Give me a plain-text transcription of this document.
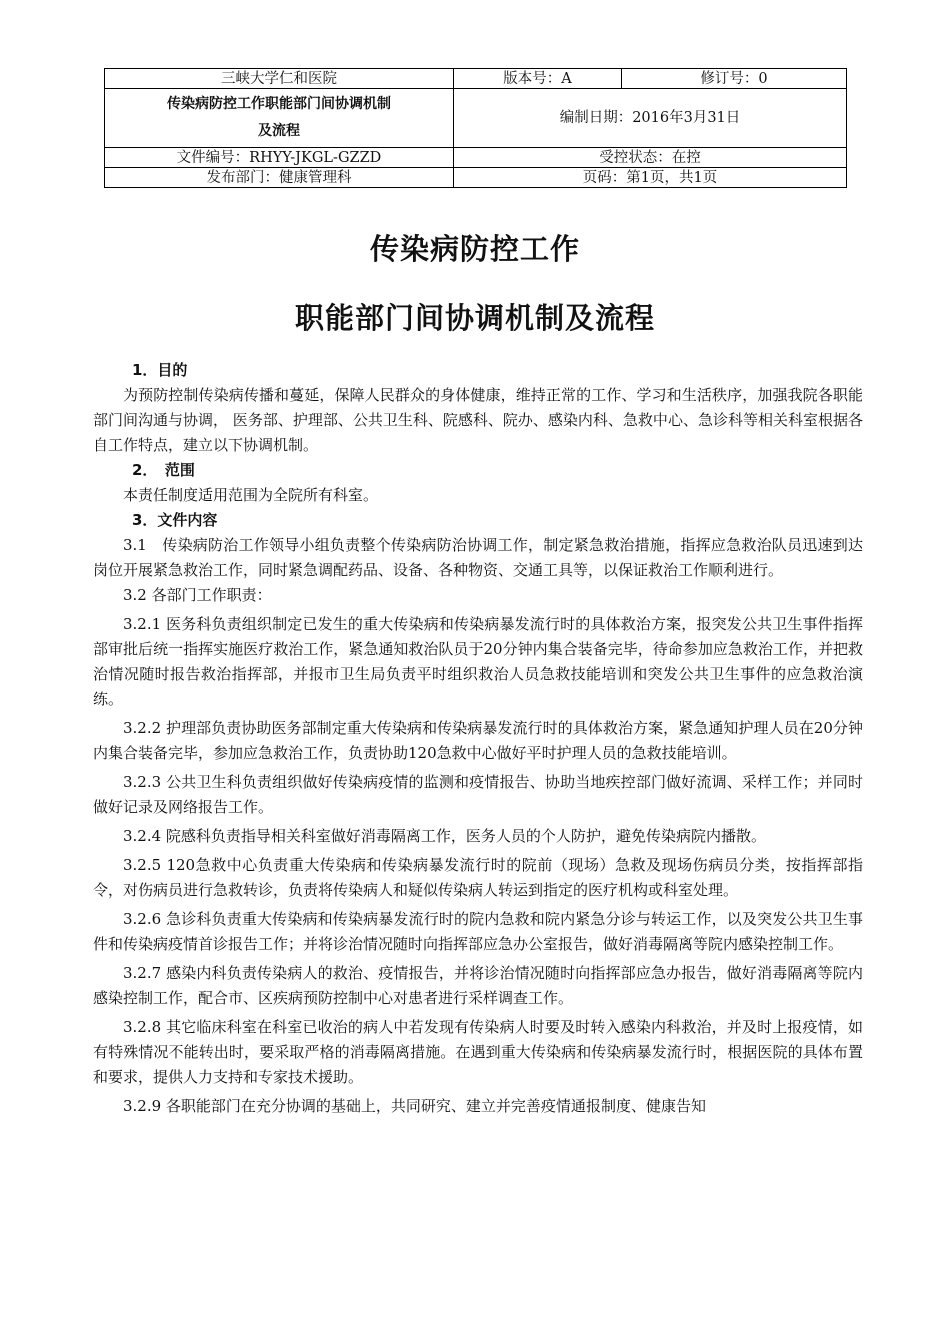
三峡大学仁和医院	版本号：A	修订号：0
传染病防控工作职能部门间协调机制
及流程	编制日期：2016年3月31日	
文件编号：RHYY-JKGL-GZZD	受控状态：在控	
发布部门：健康管理科	页码：第1页，共1页	
传染病防控工作
职能部门间协调机制及流程
1．目的

为预防控制传染病传播和蔓延，保障人民群众的身体健康，维持正常的工作、学习和生活秩序，加强我院各职能部门间沟通与协调， 医务部、护理部、公共卫生科、院感科、院办、感染内科、急救中心、急诊科等相关科室根据各自工作特点，建立以下协调机制。

2．　范围

本责任制度适用范围为全院所有科室。

3．文件内容

3.1　传染病防治工作领导小组负责整个传染病防治协调工作，制定紧急救治措施，指挥应急救治队员迅速到达岗位开展紧急救治工作，同时紧急调配药品、设备、各种物资、交通工具等，以保证救治工作顺利进行。

3.2 各部门工作职责：

3.2.1 医务科负责组织制定已发生的重大传染病和传染病暴发流行时的具体救治方案，报突发公共卫生事件指挥部审批后统一指挥实施医疗救治工作，紧急通知救治队员于20分钟内集合装备完毕，待命参加应急救治工作，并把救治情况随时报告救治指挥部，并报市卫生局负责平时组织救治人员急救技能培训和突发公共卫生事件的应急救治演练。

3.2.2 护理部负责协助医务部制定重大传染病和传染病暴发流行时的具体救治方案，紧急通知护理人员在20分钟内集合装备完毕，参加应急救治工作，负责协助120急救中心做好平时护理人员的急救技能培训。

3.2.3 公共卫生科负责组织做好传染病疫情的监测和疫情报告、协助当地疾控部门做好流调、采样工作；并同时做好记录及网络报告工作。

3.2.4 院感科负责指导相关科室做好消毒隔离工作，医务人员的个人防护，避免传染病院内播散。

3.2.5 120急救中心负责重大传染病和传染病暴发流行时的院前（现场）急救及现场伤病员分类，按指挥部指令，对伤病员进行急救转诊，负责将传染病人和疑似传染病人转运到指定的医疗机构或科室处理。

3.2.6 急诊科负责重大传染病和传染病暴发流行时的院内急救和院内紧急分诊与转运工作，以及突发公共卫生事件和传染病疫情首诊报告工作；并将诊治情况随时向指挥部应急办公室报告，做好消毒隔离等院内感染控制工作。

3.2.7 感染内科负责传染病人的救治、疫情报告，并将诊治情况随时向指挥部应急办报告，做好消毒隔离等院内感染控制工作，配合市、区疾病预防控制中心对患者进行采样调查工作。

3.2.8 其它临床科室在科室已收治的病人中若发现有传染病人时要及时转入感染内科救治，并及时上报疫情，如有特殊情况不能转出时，要采取严格的消毒隔离措施。在遇到重大传染病和传染病暴发流行时，根据医院的具体布置和要求，提供人力支持和专家技术援助。

3.2.9 各职能部门在充分协调的基础上，共同研究、建立并完善疫情通报制度、健康告知
